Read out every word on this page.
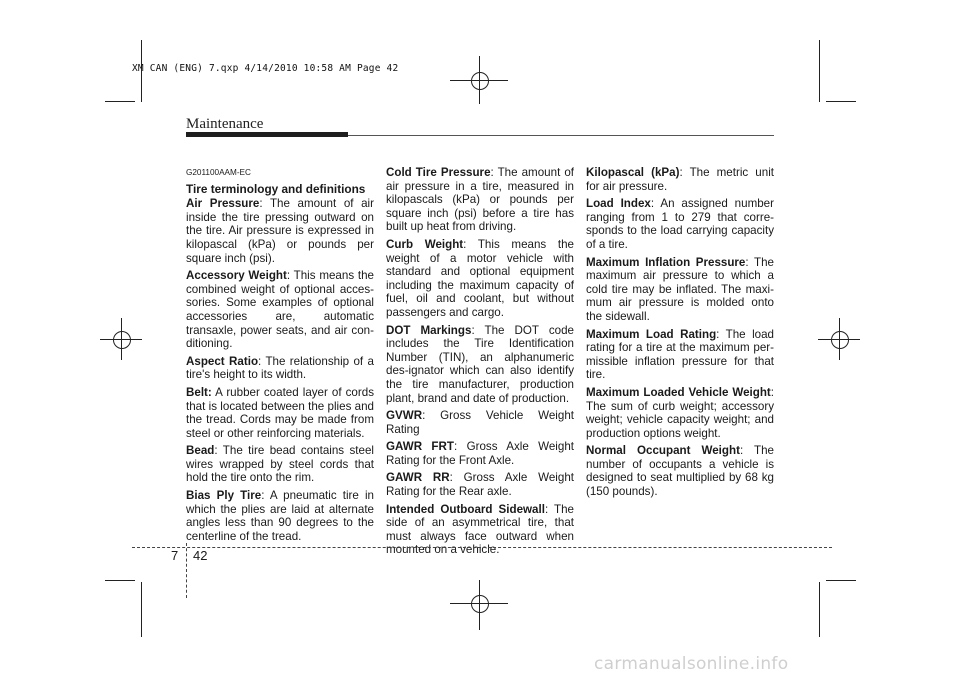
XM CAN (ENG) 7.qxp 4/14/2010 10:58 AM Page 42
Maintenance
G201100AAM-EC
Tire terminology and definitions

Air Pressure: The amount of air inside the tire pressing outward on the tire. Air pressure is expressed in kilopascal (kPa) or pounds per square inch (psi).

Accessory Weight: This means the combined weight of optional acces-sories. Some examples of optional accessories are, automatic transaxle, power seats, and air con-ditioning.

Aspect Ratio: The relationship of a tire's height to its width.

Belt: A rubber coated layer of cords that is located between the plies and the tread. Cords may be made from steel or other reinforcing materials.

Bead: The tire bead contains steel wires wrapped by steel cords that hold the tire onto the rim.

Bias Ply Tire: A pneumatic tire in which the plies are laid at alternate angles less than 90 degrees to the centerline of the tread.

Cold Tire Pressure: The amount of air pressure in a tire, measured in kilopascals (kPa) or pounds per square inch (psi) before a tire has built up heat from driving.

Curb Weight: This means the weight of a motor vehicle with standard and optional equipment including the maximum capacity of fuel, oil and coolant, but without passengers and cargo.

DOT Markings: The DOT code includes the Tire Identification Number (TIN), an alphanumeric des-ignator which can also identify the tire manufacturer, production plant, brand and date of production.

GVWR: Gross Vehicle Weight Rating

GAWR FRT: Gross Axle Weight Rating for the Front Axle.

GAWR RR: Gross Axle Weight Rating for the Rear axle.

Intended Outboard Sidewall: The side of an asymmetrical tire, that must always face outward when mounted on a vehicle.

Kilopascal (kPa): The metric unit for air pressure.

Load Index: An assigned number ranging from 1 to 279 that corre-sponds to the load carrying capacity of a tire.

Maximum Inflation Pressure: The maximum air pressure to which a cold tire may be inflated. The maxi-mum air pressure is molded onto the sidewall.

Maximum Load Rating: The load rating for a tire at the maximum per-missible inflation pressure for that tire.

Maximum Loaded Vehicle Weight: The sum of curb weight; accessory weight; vehicle capacity weight; and production options weight.

Normal Occupant Weight: The number of occupants a vehicle is designed to seat multiplied by 68 kg (150 pounds).

7 42
carmanualsonline.info
